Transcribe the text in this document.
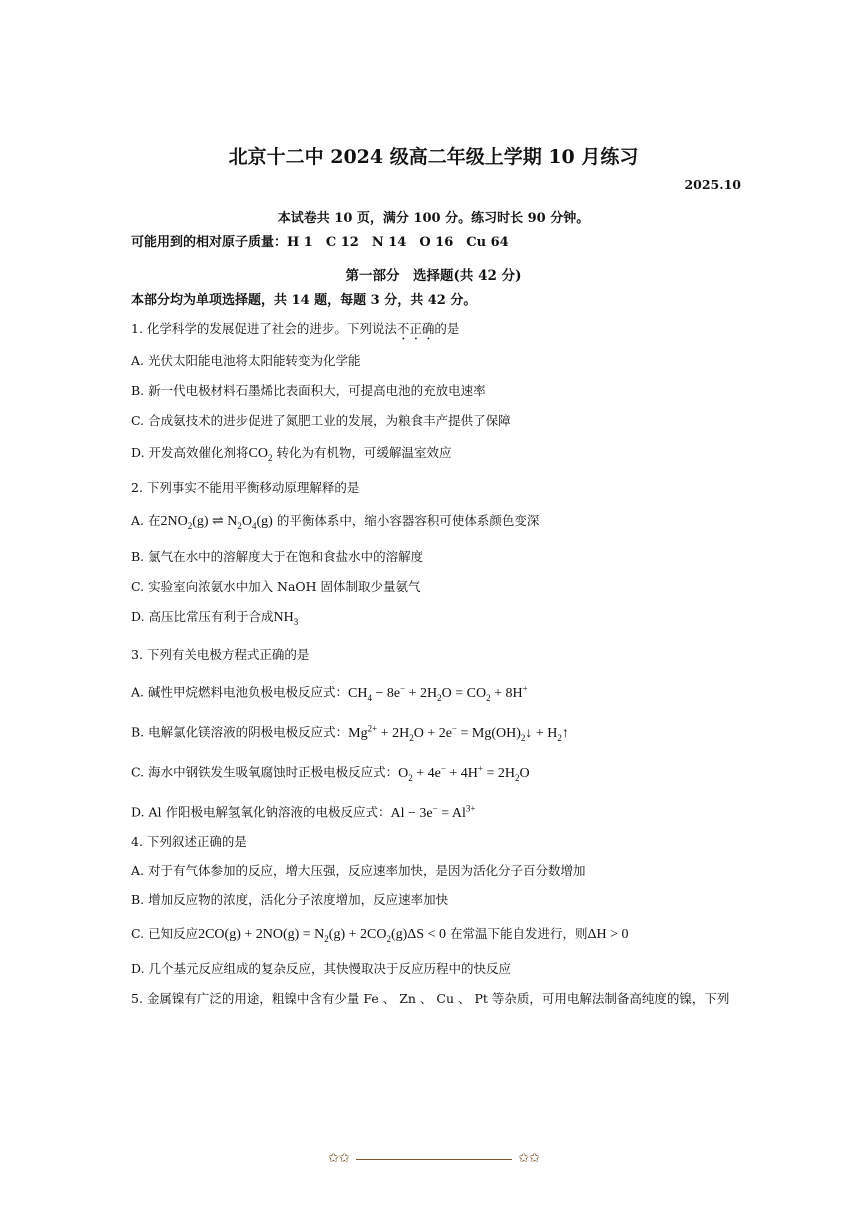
北京十二中 2024 级高二年级上学期 10 月练习
2025.10
本试卷共 10 页，满分 100 分。练习时长 90 分钟。
可能用到的相对原子质量：H 1　C 12　N 14　O 16　Cu 64
第一部分　选择题(共 42 分)
本部分均为单项选择题，共 14 题，每题 3 分，共 42 分。
1. 化学科学的发展促进了社会的进步。下列说法不正确的是
A. 光伏太阳能电池将太阳能转变为化学能
B. 新一代电极材料石墨烯比表面积大，可提高电池的充放电速率
C. 合成氨技术的进步促进了氮肥工业的发展，为粮食丰产提供了保障
D. 开发高效催化剂将$CO_2$ 转化为有机物，可缓解温室效应
2. 下列事实不能用平衡移动原理解释的是
A. 在$2NO_2(g)$ ⇌ $N_2O_4(g)$ 的平衡体系中，缩小容器容积可使体系颜色变深
B. 氯气在水中的溶解度大于在饱和食盐水中的溶解度
C. 实验室向浓氨水中加入 NaOH 固体制取少量氨气
D. 高压比常压有利于合成$NH_3$
3. 下列有关电极方程式正确的是
A. 碱性甲烷燃料电池负极电极反应式：$CH_4 - 8e^- + 2H_2O = CO_2 + 8H^+$
B. 电解氯化镁溶液的阴极电极反应式：$Mg^{2+} + 2H_2O + 2e^-$ = $Mg(OH)_2↓$ + $H_2↑$
C. 海水中钢铁发生吸氧腐蚀时正极电极反应式：$O_2 + 4e^- + 4H^+ = 2H_2O$
D. Al 作阳极电解氢氧化钠溶液的电极反应式：$Al - 3e^- = Al^{3+}$
4. 下列叙述正确的是
A. 对于有气体参加的反应，增大压强，反应速率加快，是因为活化分子百分数增加
B. 增加反应物的浓度，活化分子浓度增加，反应速率加快
C. 已知反应$2CO(g) + 2NO(g) = N_2(g) + 2CO_2(g)\Delta S < 0$ 在常温下能自发进行，则ΔH > 0
D. 几个基元反应组成的复杂反应，其快慢取决于反应历程中的快反应
5. 金属镍有广泛的用途，粗镍中含有少量 Fe 、 Zn 、 Cu 、 Pt 等杂质，可用电解法制备高纯度的镍，下列
✩✩	✩✩
